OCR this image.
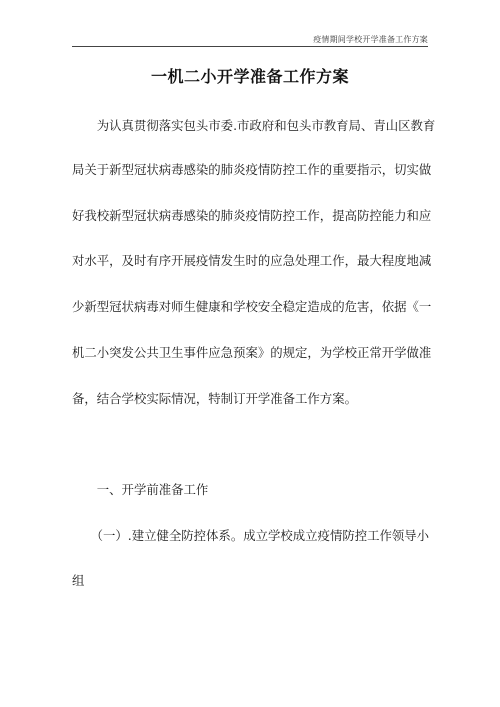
疫情期间学校开学准备工作方案
一机二小开学准备工作方案
　　为认真贯彻落实包头市委.市政府和包头市教育局、青山区教育
局关于新型冠状病毒感染的肺炎疫情防控工作的重要指示，切实做
好我校新型冠状病毒感染的肺炎疫情防控工作，提高防控能力和应
对水平，及时有序开展疫情发生时的应急处理工作，最大程度地减
少新型冠状病毒对师生健康和学校安全稳定造成的危害，依据《一
机二小突发公共卫生事件应急预案》的规定，为学校正常开学做准
备，结合学校实际情况，特制订开学准备工作方案。
　　一、开学前准备工作
　　（一）.建立健全防控体系。成立学校成立疫情防控工作领导小
组
